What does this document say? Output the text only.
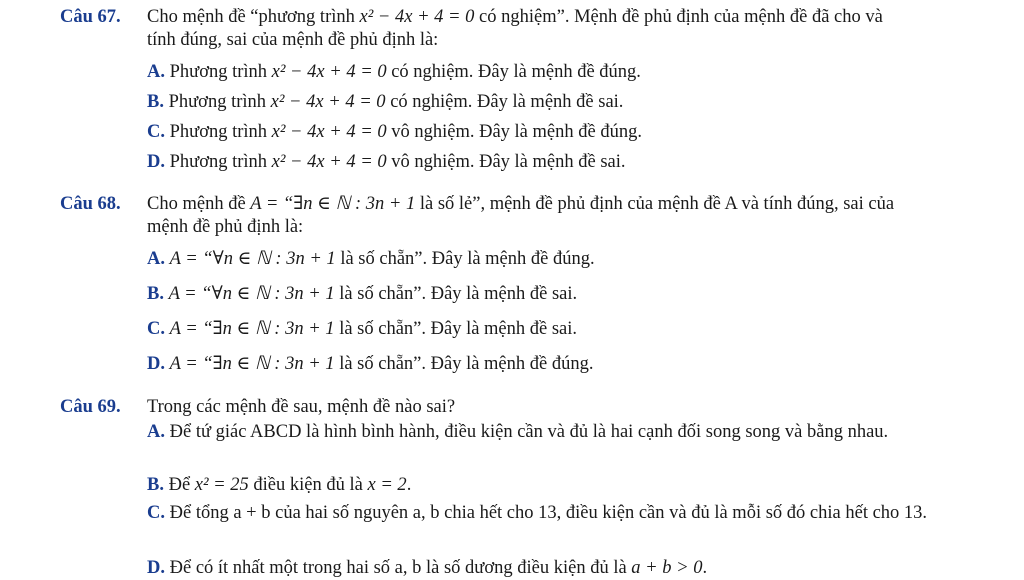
Câu 67. Cho mệnh đề “phương trình x² − 4x + 4 = 0 có nghiệm”. Mệnh đề phủ định của mệnh đề đã cho và
tính đúng, sai của mệnh đề phủ định là:
A. Phương trình x² − 4x + 4 = 0 có nghiệm. Đây là mệnh đề đúng.
B. Phương trình x² − 4x + 4 = 0 có nghiệm. Đây là mệnh đề sai.
C. Phương trình x² − 4x + 4 = 0 vô nghiệm. Đây là mệnh đề đúng.
D. Phương trình x² − 4x + 4 = 0 vô nghiệm. Đây là mệnh đề sai.
Câu 68. Cho mệnh đề A = “∃n ∈ ℕ : 3n + 1 là số lẻ”, mệnh đề phủ định của mệnh đề A và tính đúng, sai của
mệnh đề phủ định là:
A. A = “∀n ∈ ℕ : 3n + 1 là số chẵn”. Đây là mệnh đề đúng.
B. A = “∀n ∈ ℕ : 3n + 1 là số chẵn”. Đây là mệnh đề sai.
C. A = “∃n ∈ ℕ : 3n + 1 là số chẵn”. Đây là mệnh đề sai.
D. A = “∃n ∈ ℕ : 3n + 1 là số chẵn”. Đây là mệnh đề đúng.
Câu 69. Trong các mệnh đề sau, mệnh đề nào sai?
A. Để tứ giác ABCD là hình bình hành, điều kiện cần và đủ là hai cạnh đối song song và bằng nhau.
B. Để x² = 25 điều kiện đủ là x = 2.
C. Để tổng a + b của hai số nguyên a, b chia hết cho 13, điều kiện cần và đủ là mỗi số đó chia hết cho 13.
D. Để có ít nhất một trong hai số a, b là số dương điều kiện đủ là a + b > 0.
